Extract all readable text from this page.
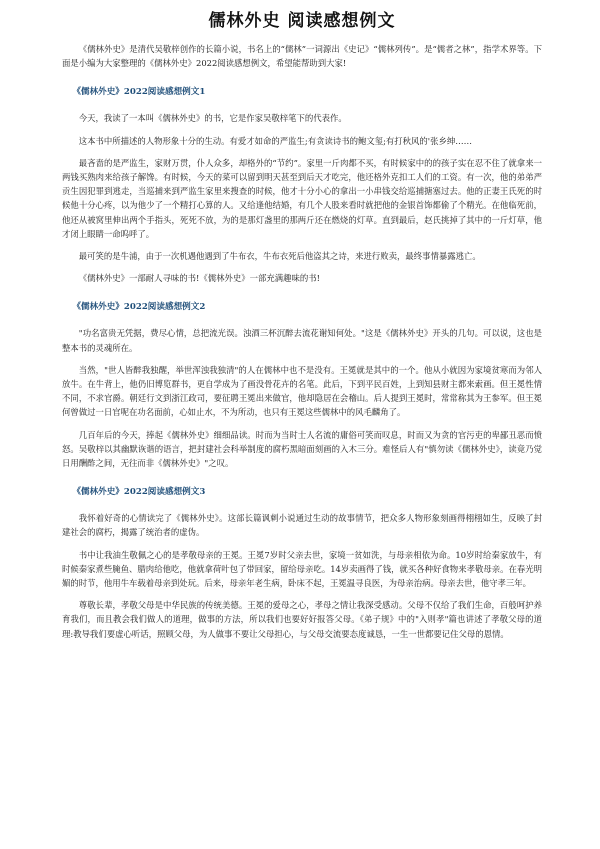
儒林外史 阅读感想例文

《儒林外史》是清代吴敬梓创作的长篇小说，书名上的“儒林”一词源出《史记》“儒林列传”。是“儒者之林”，指学术界等。下面是小编为大家整理的《儒林外史》2022阅读感想例文，希望能帮助到大家!

《儒林外史》2022阅读感想例文1

今天，我读了一本叫《儒林外史》的书，它是作家吴敬梓笔下的代表作。

这本书中所描述的人物形象十分的生动。有爱才如命的严监生;有贪读诗书的鲍文玺;有打秋风的'张乡绅……

最吝啬的是严监生，家财万贯，仆人众多，却格外的“节约”。家里一斤肉都不买，有时候家中的的孩子实在忍不住了就拿来一两钱买熟肉来给孩子解馋。有时候，今天的菜可以留到明天甚至到后天才吃完，他还格外克扣工人们的工资。有一次，他的弟弟严贡生因犯罪到逃走，当巡捕来到严监生家里来搜查的时候，他才十分小心的拿出一小串钱交给巡捕搪塞过去。他的正妻王氏死的时候他十分心疼，以为他少了一个精打心算的人。又给逢他结婚，有几个人股来看时就把他的金银首饰都偷了个精光。在他临死前，他还从被窝里伸出两个手指头，死死不放，为的是那灯盏里的那两斤还在燃烧的灯草。直到最后，赵氏挑掉了其中的一斤灯草，他才闭上眼睛一命呜呼了。

最可笑的是牛浦，由于一次机遇他遇到了牛布衣，牛布衣死后他盗其之诗，来进行败卖，最终事情暴露逃亡。

《儒林外史》一部耐人寻味的书!《儒林外史》一部充满趣味的书!

《儒林外史》2022阅读感想例文2

"功名富贵无凭据，费尽心情，总把流光误。浊酒三杯沉醉去流花谢知何处。"这是《儒林外史》开头的几句。可以说，这也是整本书的灵魂所在。

当然，"世人皆醉我独醒，举世浑浊我独清"的人在儒林中也不是没有。王冕就是其中的一个。他从小就因为家境贫寒而为邻人放牛。在牛背上，他仍旧博览群书，更自学成为了画没骨花卉的名笔。此后，下到平民百姓，上到知县财主都来索画。但王冕性情不同，不求官爵。朝廷行文到浙江政司，要征聘王冕出来做官，他却隐居在会稽山。后人提到王冕时，常常称其为王参军。但王冕何曾做过一日官呢在功名面前，心如止水，不为所动，也只有王冕这些儒林中的风毛麟角了。

几百年后的今天，捧起《儒林外史》细细品读。时而为当时士人名流的庸俗可笑而叹息，时而又为贪的官污吏的卑鄙丑恶而愤怒。吴敬梓以其幽默诙谐的语言，把封建社会科举制度的腐朽黑暗面刻画的入木三分。难怪后人有"慎勿读《儒林外史》，读竟乃觉日用酬酢之间，无往而非《儒林外史》"之叹。

《儒林外史》2022阅读感想例文3

我怀着好奇的心情读完了《儒林外史》。这部长篇讽刺小说通过生动的故事情节，把众多人物形象刻画得栩栩如生，反映了封建社会的腐朽，揭露了统治者的虚伪。

书中让我油生敬佩之心的是孝敬母亲的王冕。王冕7岁时父亲去世，家境一贫如洗，与母亲相依为命。10岁时给秦家放牛，有时候秦家煮些腌鱼、腊肉给他吃，他就拿荷叶包了带回家，留给母亲吃。14岁卖画得了钱，就买各种好食物来孝敬母亲。在春光明媚的时节，他用牛车载着母亲到处玩。后来，母亲年老生病，卧床不起，王冕温寻良医，为母亲治病。母亲去世，他守孝三年。

尊敬长辈，孝敬父母是中华民族的传统美德。王冕的爱母之心，孝母之情让我深受感动。父母不仅给了我们生命，百般呵护养育我们，而且教会我们做人的道理，做事的方法，所以我们也要好好报答父母。《弟子规》中的"入则孝"篇也讲述了孝敬父母的道理:教导我们要虚心听话，照顾父母，为人做事不要让父母担心，与父母交流要态度诚恳，一生一世都要记住父母的恩情。
